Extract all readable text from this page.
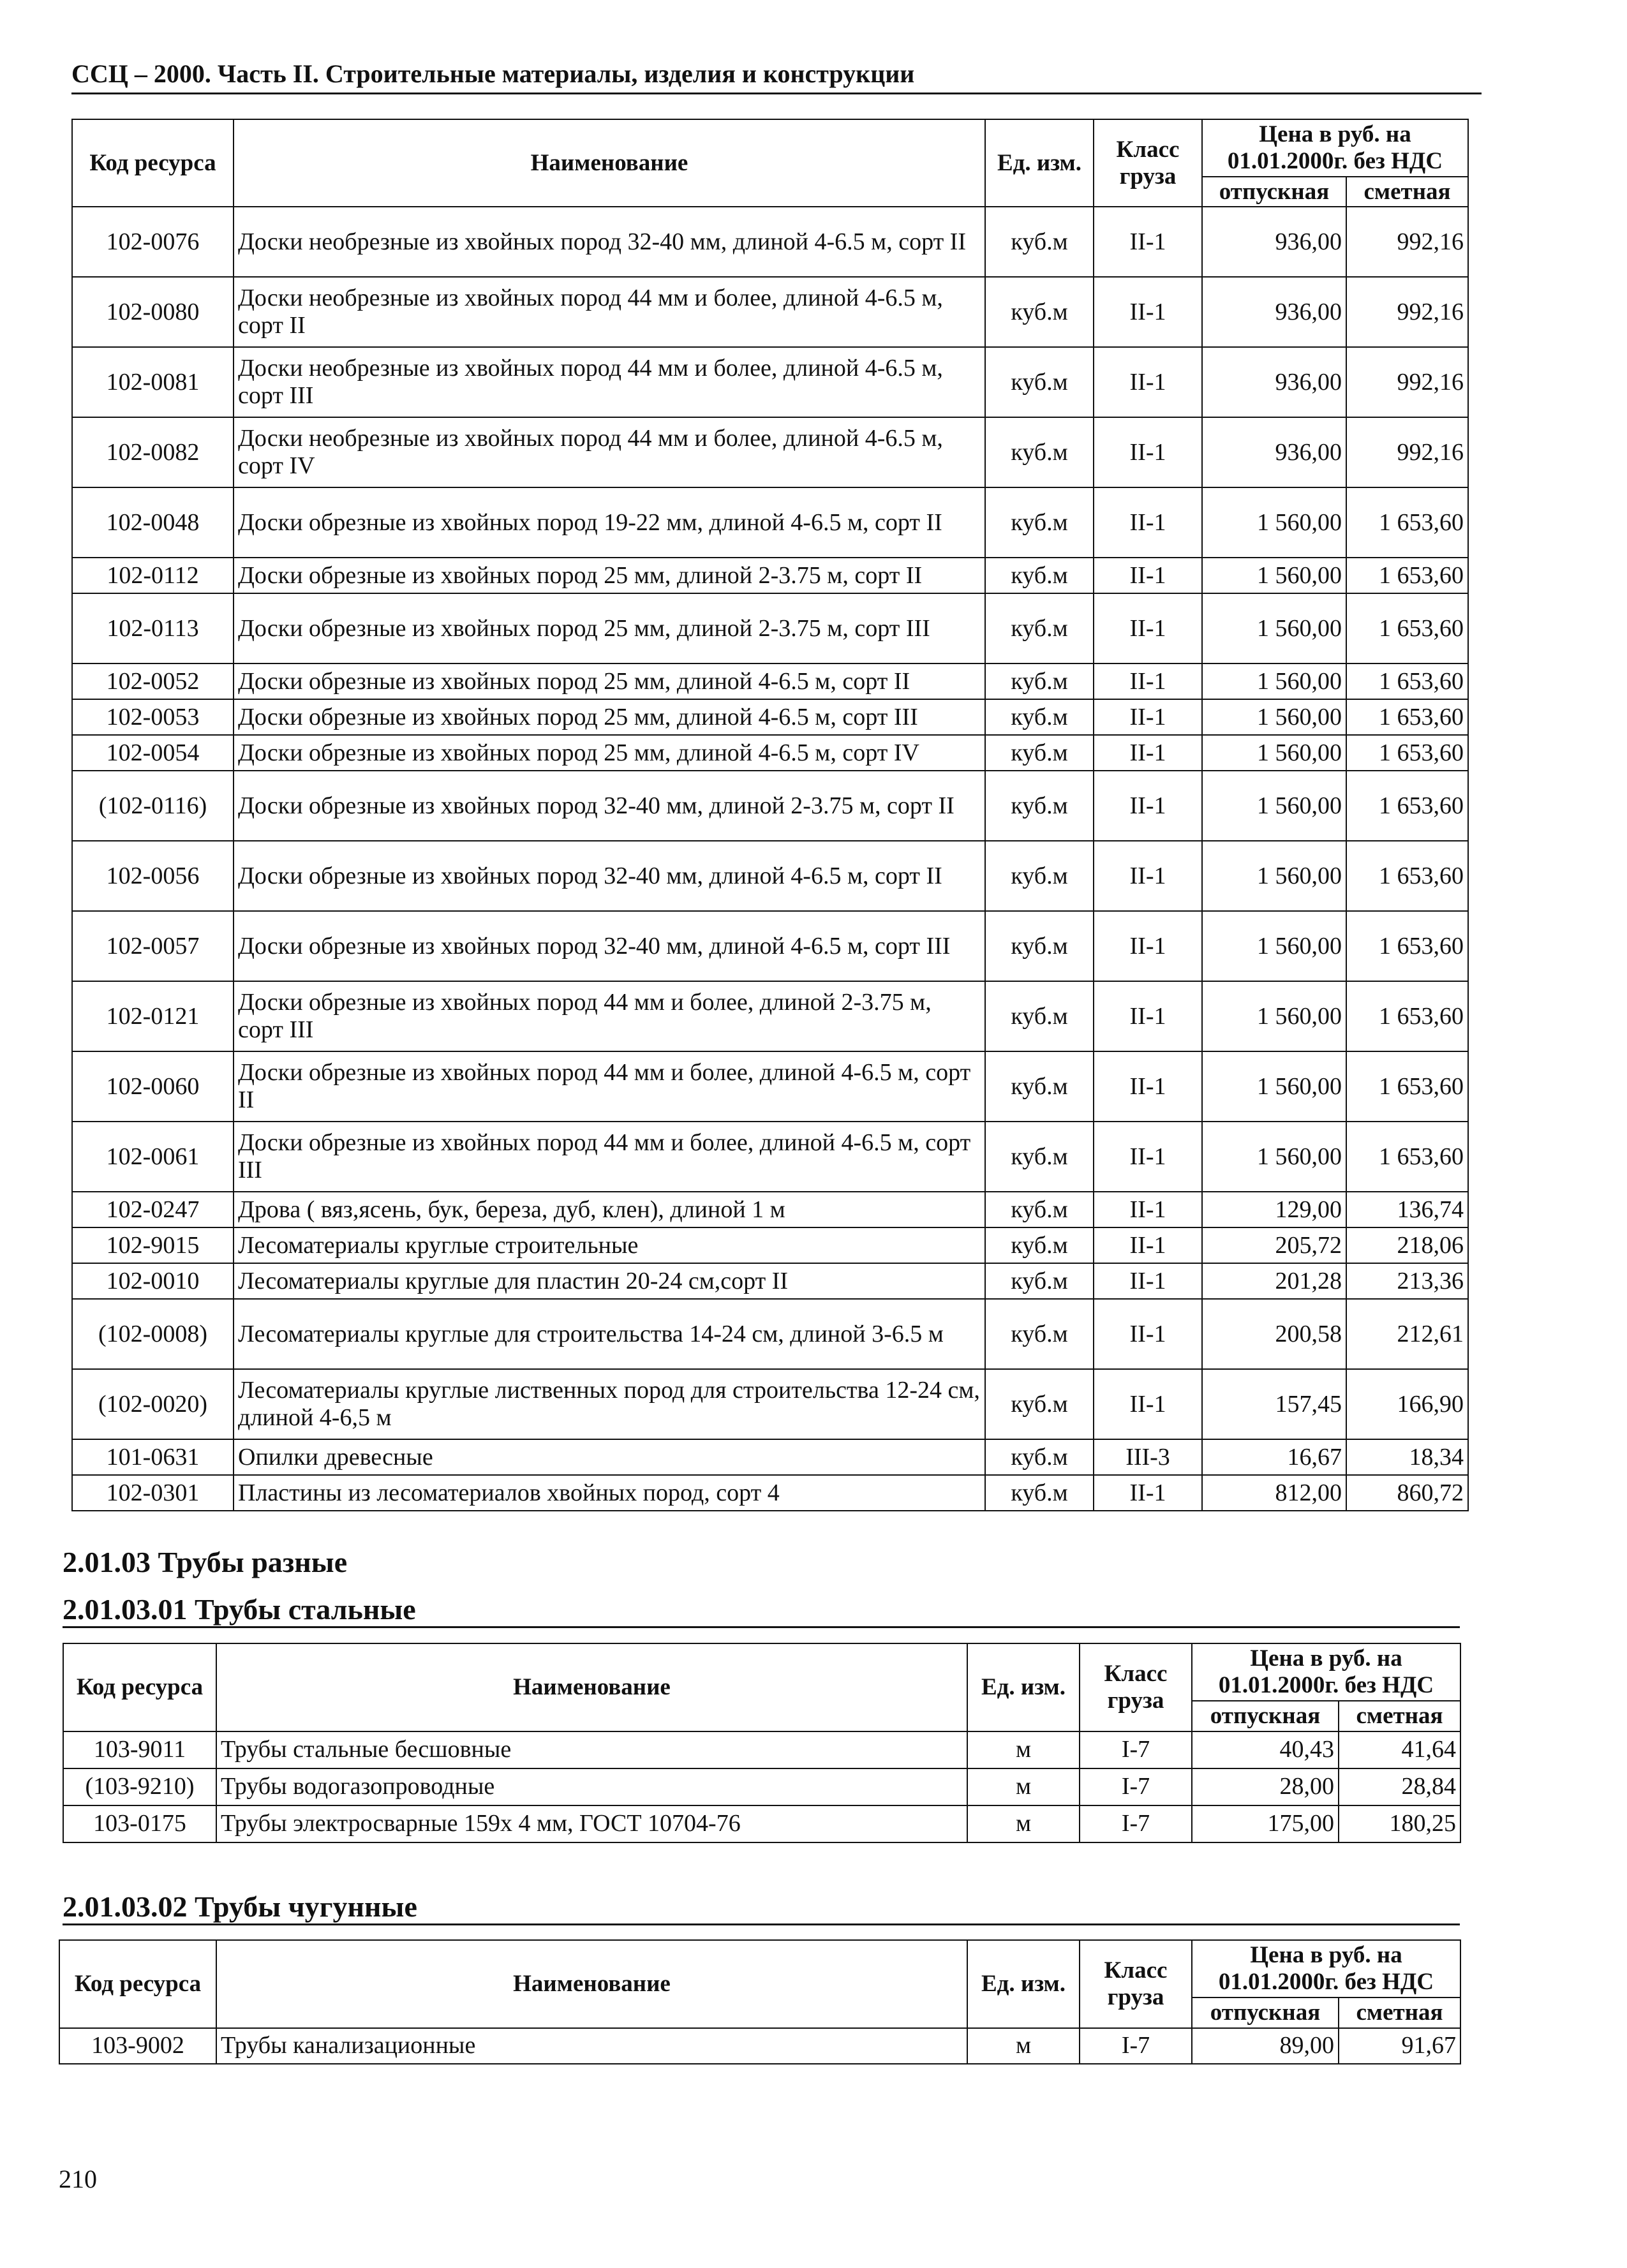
ССЦ – 2000. Часть II. Строительные материалы, изделия и конструкции
Код ресурса	Наименование	Ед. изм.	Класс груза	Цена в руб. на 01.01.2000г. без НДС	
				отпускная	сметная
102-0076	Доски необрезные из хвойных пород 32-40 мм, длиной 4-6.5 м, сорт II	куб.м	II-1	936,00	992,16
102-0080	Доски необрезные из хвойных пород 44 мм и более, длиной 4-6.5 м, сорт II	куб.м	II-1	936,00	992,16
102-0081	Доски необрезные из хвойных пород 44 мм и более, длиной 4-6.5 м, сорт III	куб.м	II-1	936,00	992,16
102-0082	Доски необрезные из хвойных пород 44 мм и более, длиной 4-6.5 м, сорт IV	куб.м	II-1	936,00	992,16
102-0048	Доски обрезные из хвойных пород 19-22 мм, длиной 4-6.5 м, сорт II	куб.м	II-1	1 560,00	1 653,60
102-0112	Доски обрезные из хвойных пород 25 мм, длиной 2-3.75 м, сорт II	куб.м	II-1	1 560,00	1 653,60
102-0113	Доски обрезные из хвойных пород 25 мм, длиной 2-3.75 м, сорт III	куб.м	II-1	1 560,00	1 653,60
102-0052	Доски обрезные из хвойных пород 25 мм, длиной 4-6.5 м, сорт II	куб.м	II-1	1 560,00	1 653,60
102-0053	Доски обрезные из хвойных пород 25 мм, длиной 4-6.5 м, сорт III	куб.м	II-1	1 560,00	1 653,60
102-0054	Доски обрезные из хвойных пород 25 мм, длиной 4-6.5 м, сорт IV	куб.м	II-1	1 560,00	1 653,60
(102-0116)	Доски обрезные из хвойных пород 32-40 мм, длиной 2-3.75 м, сорт II	куб.м	II-1	1 560,00	1 653,60
102-0056	Доски обрезные из хвойных пород 32-40 мм, длиной 4-6.5 м, сорт II	куб.м	II-1	1 560,00	1 653,60
102-0057	Доски обрезные из хвойных пород 32-40 мм, длиной 4-6.5 м, сорт III	куб.м	II-1	1 560,00	1 653,60
102-0121	Доски обрезные из хвойных пород 44 мм и более, длиной 2-3.75 м, сорт III	куб.м	II-1	1 560,00	1 653,60
102-0060	Доски обрезные из хвойных пород 44 мм и более, длиной 4-6.5 м, сорт II	куб.м	II-1	1 560,00	1 653,60
102-0061	Доски обрезные из хвойных пород 44 мм и более, длиной 4-6.5 м, сорт III	куб.м	II-1	1 560,00	1 653,60
102-0247	Дрова ( вяз,ясень, бук, береза, дуб, клен), длиной 1 м	куб.м	II-1	129,00	136,74
102-9015	Лесоматериалы круглые строительные	куб.м	II-1	205,72	218,06
102-0010	Лесоматериалы круглые для пластин 20-24 см,сорт II	куб.м	II-1	201,28	213,36
(102-0008)	Лесоматериалы круглые для строительства 14-24 см, длиной 3-6.5 м	куб.м	II-1	200,58	212,61
(102-0020)	Лесоматериалы круглые лиственных пород для строительства 12-24 см, длиной 4-6,5 м	куб.м	II-1	157,45	166,90
101-0631	Опилки древесные	куб.м	III-3	16,67	18,34
102-0301	Пластины из лесоматериалов хвойных пород, сорт 4	куб.м	II-1	812,00	860,72
2.01.03 Трубы разные
2.01.03.01 Трубы стальные
Код ресурса	Наименование	Ед. изм.	Класс груза	Цена в руб. на 01.01.2000г. без НДС	
				отпускная	сметная
103-9011	Трубы стальные бесшовные	м	I-7	40,43	41,64
(103-9210)	Трубы водогазопроводные	м	I-7	28,00	28,84
103-0175	Трубы электросварные 159х 4 мм, ГОСТ 10704-76	м	I-7	175,00	180,25
2.01.03.02 Трубы чугунные
Код ресурса	Наименование	Ед. изм.	Класс груза	Цена в руб. на 01.01.2000г. без НДС	
				отпускная	сметная
103-9002	Трубы канализационные	м	I-7	89,00	91,67
210
